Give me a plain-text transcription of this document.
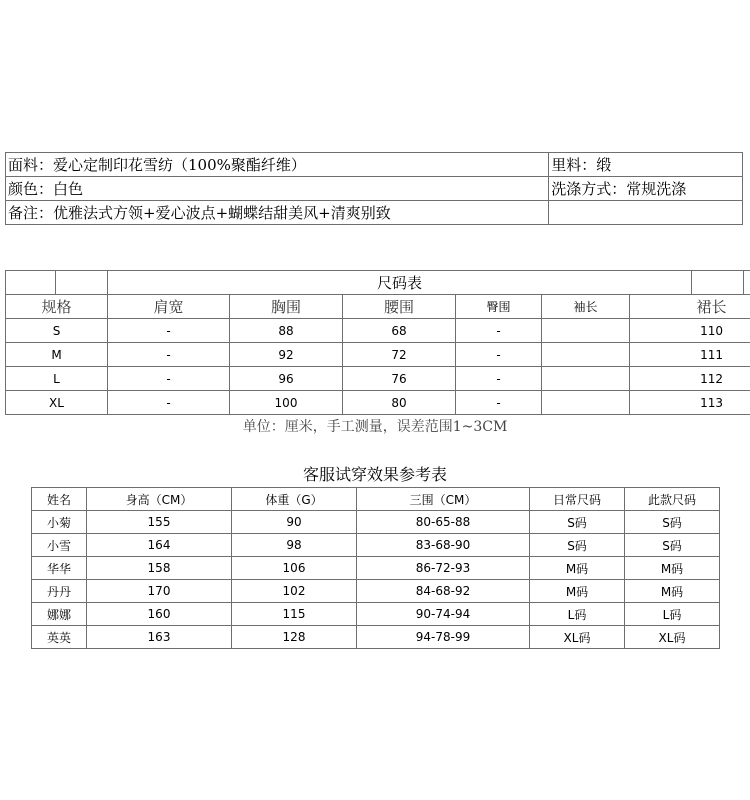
面料：爱心定制印花雪纺（100%聚酯纤维）	里料：缎
颜色：白色	洗涤方式：常规洗涤
备注：优雅法式方领+爱心波点+蝴蝶结甜美风+清爽别致	
		尺码表							
规格		肩宽	胸围	腰围	臀围	袖长	裙长		
S		-	88	68	-		110		
M		-	92	72	-		111		
L		-	96	76	-		112		
XL		-	100	80	-		113		
单位：厘米，手工测量，误差范围1~3CM
客服试穿效果参考表
姓名	身高（CM）	体重（G）	三围（CM）	日常尺码	此款尺码
小菊	155	90	80-65-88	S码	S码
小雪	164	98	83-68-90	S码	S码
华华	158	106	86-72-93	M码	M码
丹丹	170	102	84-68-92	M码	M码
娜娜	160	115	90-74-94	L码	L码
英英	163	128	94-78-99	XL码	XL码
